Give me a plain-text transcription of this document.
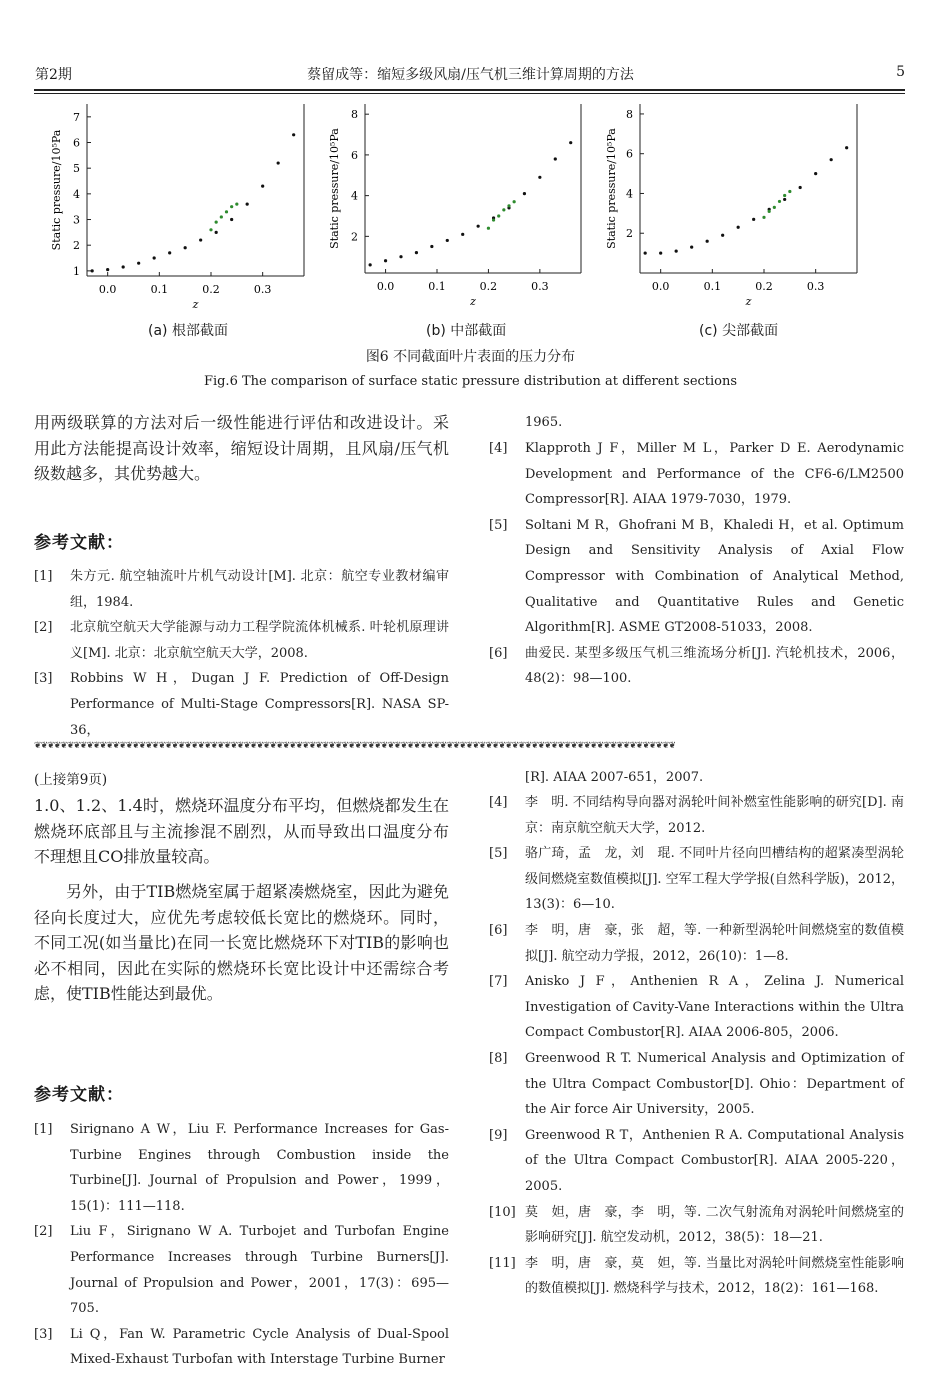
第2期	蔡留成等：缩短多级风扇/压气机三维计算周期的方法	5
1
2
3
4
5
6
7
0.0	0.1	0.2	0.3
z
Static pressure/10⁵Pa	2
4
6
8
0.0	0.1	0.2	0.3
z
Static pressure/10⁵Pa	2
4
6
8
0.0	0.1	0.2	0.3
z
Static pressure/10⁵Pa
(a) 根部截面	(b) 中部截面	(c) 尖部截面
图6 不同截面叶片表面的压力分布
Fig.6 The comparison of surface static pressure distribution at different sections
用两级联算的方法对后一级性能进行评估和改进设计。采用此方法能提高设计效率，缩短设计周期，且风扇/压气机级数越多，其优势越大。
参考文献：
[1] 朱方元. 航空轴流叶片机气动设计[M]. 北京：航空专业教材编审组，1984.
[2] 北京航空航天大学能源与动力工程学院流体机械系. 叶轮机原理讲义[M]. 北京：北京航空航天大学，2008.
[3] Robbins W H，Dugan J F. Prediction of Off-Design Performance of Multi-Stage Compressors[R]. NASA SP-36，
1965.
[4] Klapproth J F，Miller M L，Parker D E. Aerodynamic Development and Performance of the CF6-6/LM2500 Compressor[R]. AIAA 1979-7030，1979.
[5] Soltani M R，Ghofrani M B，Khaledi H，et al. Optimum Design and Sensitivity Analysis of Axial Flow Compressor with Combination of Analytical Method, Qualitative and Quantitative Rules and Genetic Algorithm[R]. ASME GT2008-51033，2008.
[6] 曲爱民. 某型多级压气机三维流场分析[J]. 汽轮机技术，2006，48(2)：98—100.
❦❦❦❦❦❦❦❦❦❦❦❦❦❦❦❦❦❦❦❦❦❦❦❦❦❦❦❦❦❦❦❦❦❦❦❦❦❦❦❦❦❦❦❦❦❦❦❦❦❦❦❦❦❦❦❦❦❦❦❦❦❦❦❦❦❦❦❦❦❦❦❦❦❦❦❦❦❦❦❦❦❦❦❦❦❦❦❦❦❦❦❦❦❦❦❦❦❦
(上接第9页)
1.0、1.2、1.4时，燃烧环温度分布平均，但燃烧都发生在燃烧环底部且与主流掺混不剧烈，从而导致出口温度分布不理想且CO排放量较高。
另外，由于TIB燃烧室属于超紧凑燃烧室，因此为避免径向长度过大，应优先考虑较低长宽比的燃烧环。同时，不同工况(如当量比)在同一长宽比燃烧环下对TIB的影响也必不相同，因此在实际的燃烧环长宽比设计中还需综合考虑，使TIB性能达到最优。
参考文献：
[1] Sirignano A W，Liu F. Performance Increases for Gas-Turbine Engines through Combustion inside the Turbine[J]. Journal of Propulsion and Power，1999，15(1)：111—118.
[2] Liu F，Sirignano W A. Turbojet and Turbofan Engine Performance Increases through Turbine Burners[J]. Journal of Propulsion and Power，2001，17(3)：695—705.
[3] Li Q，Fan W. Parametric Cycle Analysis of Dual-Spool Mixed-Exhaust Turbofan with Interstage Turbine Burner
[R]. AIAA 2007-651，2007.
[4] 李　明. 不同结构导向器对涡轮叶间补燃室性能影响的研究[D]. 南京：南京航空航天大学，2012.
[5] 骆广琦，孟　龙，刘　琨. 不同叶片径向凹槽结构的超紧凑型涡轮级间燃烧室数值模拟[J]. 空军工程大学学报(自然科学版)，2012，13(3)：6—10.
[6] 李　明，唐　豪，张　超，等. 一种新型涡轮叶间燃烧室的数值模拟[J]. 航空动力学报，2012，26(10)：1—8.
[7] Anisko J F，Anthenien R A，Zelina J. Numerical Investigation of Cavity-Vane Interactions within the Ultra Compact Combustor[R]. AIAA 2006-805，2006.
[8] Greenwood R T. Numerical Analysis and Optimization of the Ultra Compact Combustor[D]. Ohio：Department of the Air force Air University，2005.
[9] Greenwood R T，Anthenien R A. Computational Analysis of the Ultra Compact Combustor[R]. AIAA 2005-220，2005.
[10] 莫　妲，唐　豪，李　明，等. 二次气射流角对涡轮叶间燃烧室的影响研究[J]. 航空发动机，2012，38(5)：18—21.
[11] 李　明，唐　豪，莫　妲，等. 当量比对涡轮叶间燃烧室性能影响的数值模拟[J]. 燃烧科学与技术，2012，18(2)：161—168.
